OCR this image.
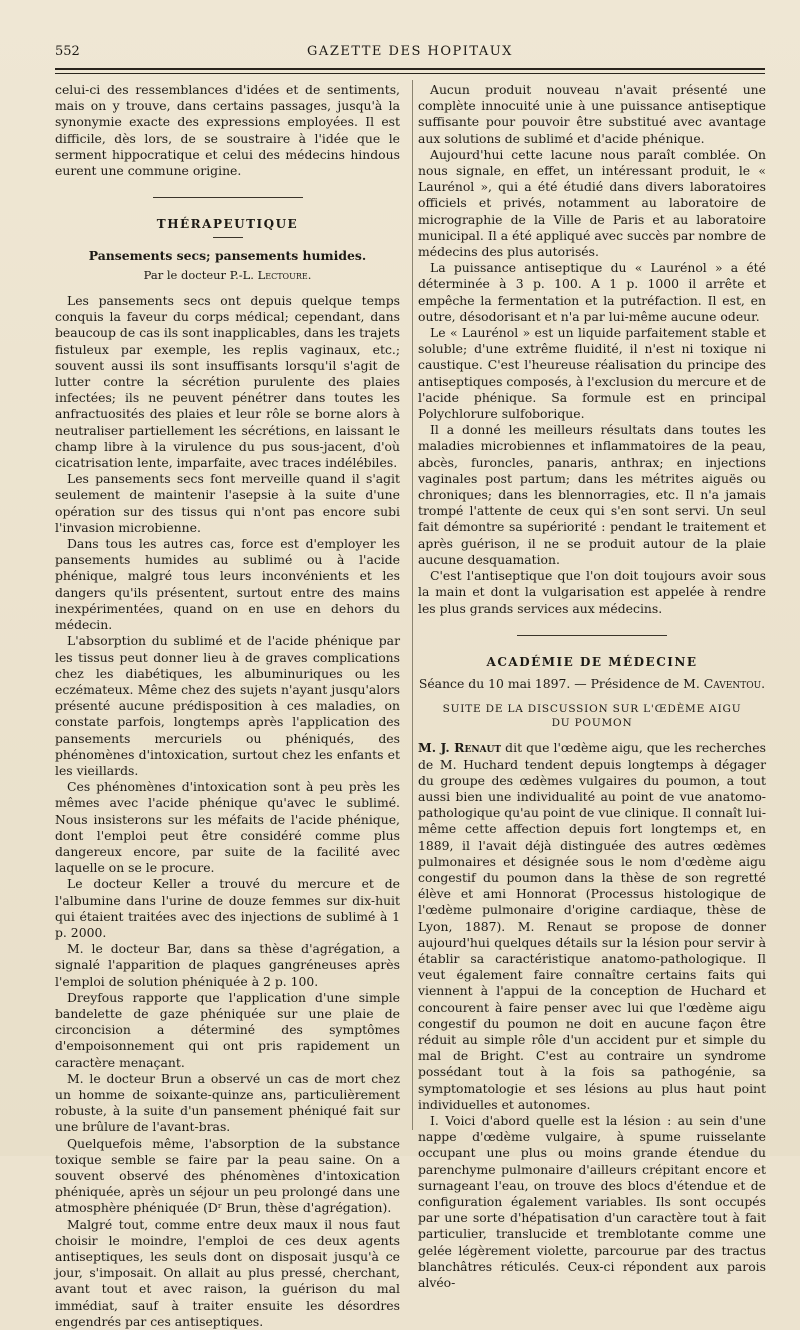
552	GAZETTE DES HOPITAUX

celui-ci des ressemblances d'idées et de sentiments, mais on y trouve, dans certains passages, jusqu'à la synonymie exacte des expressions employées. Il est difficile, dès lors, de se soustraire à l'idée que le serment hippocratique et celui des médecins hindous eurent une commune origine.

THÉRAPEUTIQUE
Pansements secs; pansements humides.
Par le docteur P.-L. Lectoure.

Les pansements secs ont depuis quelque temps conquis la faveur du corps médical; cependant, dans beaucoup de cas ils sont inapplicables, dans les trajets fistuleux par exemple, les replis vaginaux, etc.; souvent aussi ils sont insuffisants lorsqu'il s'agit de lutter contre la sécrétion purulente des plaies infectées; ils ne peuvent pénétrer dans toutes les anfractuosités des plaies et leur rôle se borne alors à neutraliser partiellement les sécrétions, en laissant le champ libre à la virulence du pus sous-jacent, d'où cicatrisation lente, imparfaite, avec traces indélébiles.

Les pansements secs font merveille quand il s'agit seulement de maintenir l'asepsie à la suite d'une opération sur des tissus qui n'ont pas encore subi l'invasion microbienne.

Dans tous les autres cas, force est d'employer les pansements humides au sublimé ou à l'acide phénique, malgré tous leurs inconvénients et les dangers qu'ils présentent, surtout entre des mains inexpérimentées, quand on en use en dehors du médecin.

L'absorption du sublimé et de l'acide phénique par les tissus peut donner lieu à de graves complications chez les diabétiques, les albuminuriques ou les eczémateux. Même chez des sujets n'ayant jusqu'alors présenté aucune prédisposition à ces maladies, on constate parfois, longtemps après l'application des pansements mercuriels ou phéniqués, des phénomènes d'intoxication, surtout chez les enfants et les vieillards.

Ces phénomènes d'intoxication sont à peu près les mêmes avec l'acide phénique qu'avec le sublimé. Nous insisterons sur les méfaits de l'acide phénique, dont l'emploi peut être considéré comme plus dangereux encore, par suite de la facilité avec laquelle on se le procure.

Le docteur Keller a trouvé du mercure et de l'albumine dans l'urine de douze femmes sur dix-huit qui étaient traitées avec des injections de sublimé à 1 p. 2000.

M. le docteur Bar, dans sa thèse d'agrégation, a signalé l'apparition de plaques gangréneuses après l'emploi de solution phéniquée à 2 p. 100.

Dreyfous rapporte que l'application d'une simple bandelette de gaze phéniquée sur une plaie de circoncision a déterminé des symptômes d'empoisonnement qui ont pris rapidement un caractère menaçant.

M. le docteur Brun a observé un cas de mort chez un homme de soixante-quinze ans, particulièrement robuste, à la suite d'un pansement phéniqué fait sur une brûlure de l'avant-bras.

Quelquefois même, l'absorption de la substance toxique semble se faire par la peau saine. On a souvent observé des phénomènes d'intoxication phéniquée, après un séjour un peu prolongé dans une atmosphère phéniquée (Dʳ Brun, thèse d'agrégation).

Malgré tout, comme entre deux maux il nous faut choisir le moindre, l'emploi de ces deux agents antiseptiques, les seuls dont on disposait jusqu'à ce jour, s'imposait. On allait au plus pressé, cherchant, avant tout et avec raison, la guérison du mal immédiat, sauf à traiter ensuite les désordres engendrés par ces antiseptiques.

Aucun produit nouveau n'avait présenté une complète innocuité unie à une puissance antiseptique suffisante pour pouvoir être substitué avec avantage aux solutions de sublimé et d'acide phénique.

Aujourd'hui cette lacune nous paraît comblée. On nous signale, en effet, un intéressant produit, le « Laurénol », qui a été étudié dans divers laboratoires officiels et privés, notamment au laboratoire de micrographie de la Ville de Paris et au laboratoire municipal. Il a été appliqué avec succès par nombre de médecins des plus autorisés.

La puissance antiseptique du « Laurénol » a été déterminée à 3 p. 100. A 1 p. 1000 il arrête et empêche la fermentation et la putréfaction. Il est, en outre, désodorisant et n'a par lui-même aucune odeur.

Le « Laurénol » est un liquide parfaitement stable et soluble; d'une extrême fluidité, il n'est ni toxique ni caustique. C'est l'heureuse réalisation du principe des antiseptiques composés, à l'exclusion du mercure et de l'acide phénique. Sa formule est en principal Polychlorure sulfoborique.

Il a donné les meilleurs résultats dans toutes les maladies microbiennes et inflammatoires de la peau, abcès, furoncles, panaris, anthrax; en injections vaginales post partum; dans les métrites aiguës ou chroniques; dans les blennorragies, etc. Il n'a jamais trompé l'attente de ceux qui s'en sont servi. Un seul fait démontre sa supériorité : pendant le traitement et après guérison, il ne se produit autour de la plaie aucune desquamation.

C'est l'antiseptique que l'on doit toujours avoir sous la main et dont la vulgarisation est appelée à rendre les plus grands services aux médecins.

ACADÉMIE DE MÉDECINE
Séance du 10 mai 1897. — Présidence de M. Caventou.
SUITE DE LA DISCUSSION SUR L'ŒDÈME AIGU
DU POUMON

M. J. Renaut dit que l'œdème aigu, que les recherches de M. Huchard tendent depuis longtemps à dégager du groupe des œdèmes vulgaires du poumon, a tout aussi bien une individualité au point de vue anatomo-pathologique qu'au point de vue clinique. Il connaît lui-même cette affection depuis fort longtemps et, en 1889, il l'avait déjà distinguée des autres œdèmes pulmonaires et désignée sous le nom d'œdème aigu congestif du poumon dans la thèse de son regretté élève et ami Honnorat (Processus histologique de l'œdème pulmonaire d'origine cardiaque, thèse de Lyon, 1887). M. Renaut se propose de donner aujourd'hui quelques détails sur la lésion pour servir à établir sa caractéristique anatomo-pathologique. Il veut également faire connaître certains faits qui viennent à l'appui de la conception de Huchard et concourent à faire penser avec lui que l'œdème aigu congestif du poumon ne doit en aucune façon être réduit au simple rôle d'un accident pur et simple du mal de Bright. C'est au contraire un syndrome possédant tout à la fois sa pathogénie, sa symptomatologie et ses lésions au plus haut point individuelles et autonomes.

I. Voici d'abord quelle est la lésion : au sein d'une nappe d'œdème vulgaire, à spume ruisselante occupant une plus ou moins grande étendue du parenchyme pulmonaire d'ailleurs crépitant encore et surnageant l'eau, on trouve des blocs d'étendue et de configuration également variables. Ils sont occupés par une sorte d'hépatisation d'un caractère tout à fait particulier, translucide et tremblotante comme une gelée légèrement violette, parcourue par des tractus blanchâtres réticulés. Ceux-ci répondent aux parois alvéo-
